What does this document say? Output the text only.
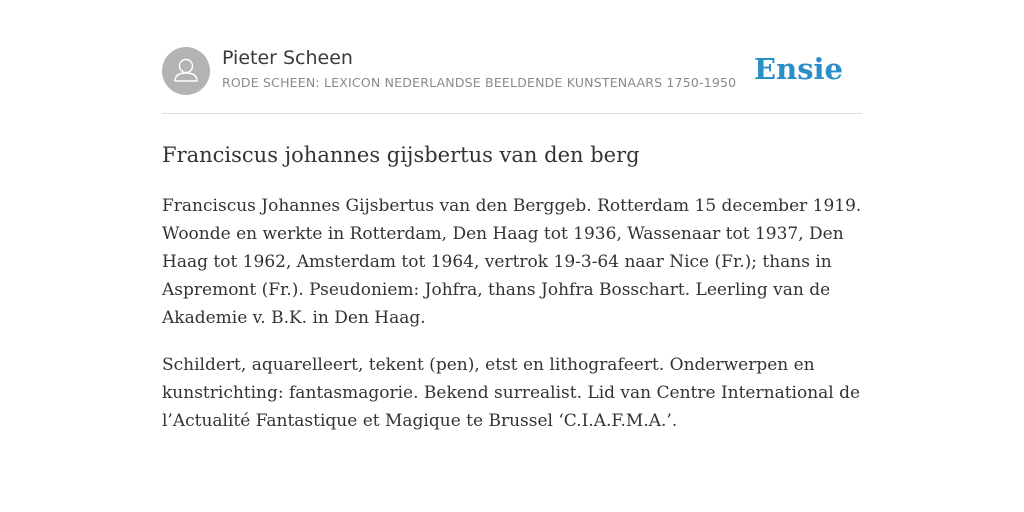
Pieter Scheen
RODE SCHEEN: LEXICON NEDERLANDSE BEELDENDE KUNSTENAARS 1750-1950 Ensie
Franciscus johannes gijsbertus van den berg

Franciscus Johannes Gijsbertus van den Berggeb. Rotterdam 15 december 1919.
Woonde en werkte in Rotterdam, Den Haag tot 1936, Wassenaar tot 1937, Den
Haag tot 1962, Amsterdam tot 1964, vertrok 19-3-64 naar Nice (Fr.); thans in
Aspremont (Fr.). Pseudoniem: Johfra, thans Johfra Bosschart. Leerling van de
Akademie v. B.K. in Den Haag.

Schildert, aquarelleert, tekent (pen), etst en lithografeert. Onderwerpen en
kunstrichting: fantasmagorie. Bekend surrealist. Lid van Centre International de
l’Actualité Fantastique et Magique te Brussel ‘C.I.A.F.M.A.’.
